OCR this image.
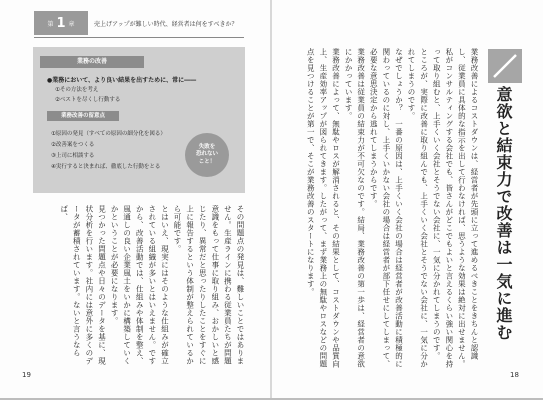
第 1 章	売上げアップが難しい時代、経営者は何をすべきか？
業務の改善
●業務において、より良い結果を出すために、常に――
①その方法を考え
②ベストを尽くし行動する
業務改善の留意点
①原因の発見（すべての原因の細分化を図る）
②改善案をつくる
③上司に相談する
④実行すると決まれば、徹底した行動をとる
失敗を
恐れない
こと！

その問題点の発見は、難しいことではありません。生産ラインに携わる従業員たちが問題意識をもって仕事に取り組み、おかしいと感じたり、異常だと思ったりしたことをすぐに上に報告するという体制が整えられているから可能です。

とはいえ、現実にはそのような仕組みが確立されている組織が多いとはいえません。ですから、改善活動では、仕組みや体制を整え、風通しの良い企業風土をいかに構築していくかということが必要になります。

見つかった問題点や日々のデータを基に、現状分析を行います。社内には意外に多くのデータが蓄積されています。ないと言うならば、

19

業務改善によるコストダウンは、経営者が先頭に立って進めるべきことをきちんと認識し、従業員に具体的な指示を出して行わなければ、思うような効果は絶対に出せません。私がコンサルティングする会社でも、皆さんがどこでもよいと言えるくらい強い関心を持って取り組むと、上手くいく会社とそうでない会社に、一気に分かれてしまうのです。

ところが、実際に改善に取り組んでも、上手くいく会社とそうでない会社に、一気に分かれてしまうのです。

なぜでしょうか？　一番の原因は、上手くいく会社の場合は経営者が改善活動に積極的に関わっているのに対し、上手くいかない会社の場合は経営者が部下任せにしてしまって、必要な意思決定から逃れてしまうからです。

業務改善は従業員の結束力が不可欠なのです。結局、業務改善の第一歩は、経営者の意欲にかかっています。

業務改善によって、無駄やロスが解消されると、その結果として、コストダウンや品質向上、生産効率アップが図られてきます。したがって、まず業務上の無駄やロスなどの問題点を見つけることが第一で、そこが業務改善のスタートになります。	意欲と結束力で改善は一気に進む
18
